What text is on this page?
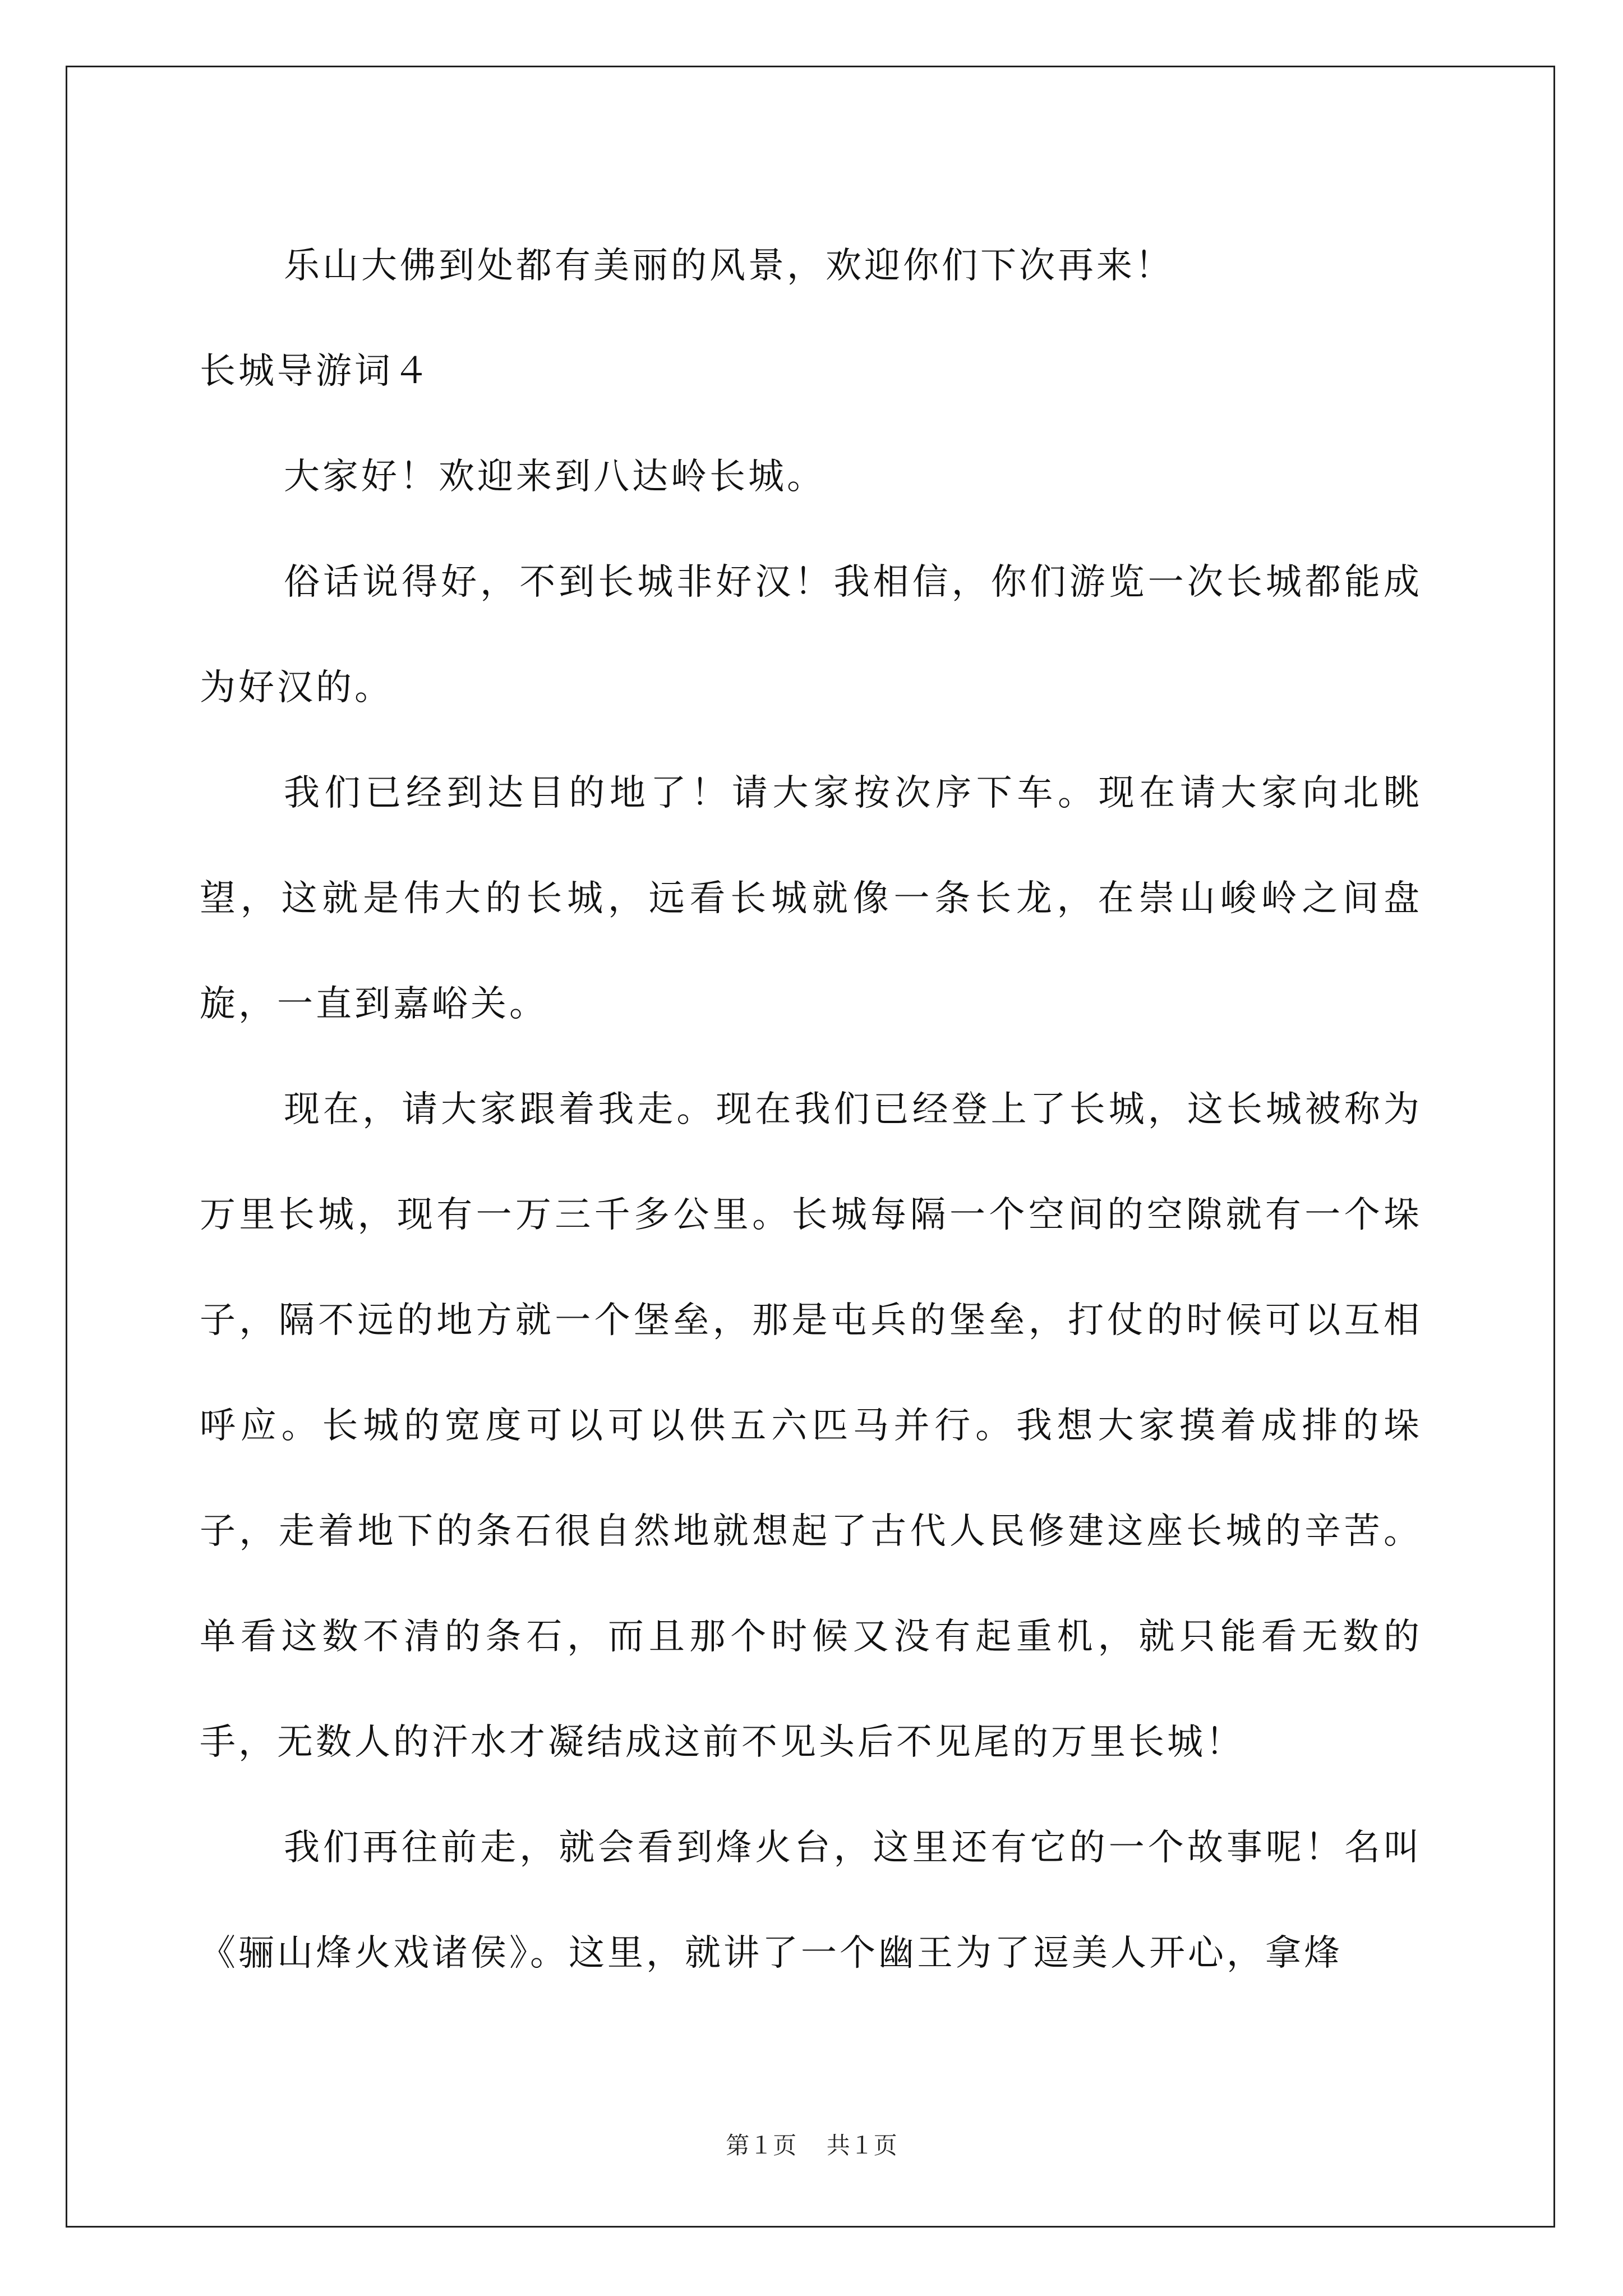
乐山大佛到处都有美丽的风景，欢迎你们下次再来！

长城导游词４

大家好！欢迎来到八达岭长城。

俗话说得好，不到长城非好汉！我相信，你们游览一次长城都能成为好汉的。

我们已经到达目的地了！请大家按次序下车。现在请大家向北眺望，这就是伟大的长城，远看长城就像一条长龙，在崇山峻岭之间盘旋，一直到嘉峪关。

现在，请大家跟着我走。现在我们已经登上了长城，这长城被称为万里长城，现有一万三千多公里。长城每隔一个空间的空隙就有一个垛子，隔不远的地方就一个堡垒，那是屯兵的堡垒，打仗的时候可以互相呼应。长城的宽度可以可以供五六匹马并行。我想大家摸着成排的垛子，走着地下的条石很自然地就想起了古代人民修建这座长城的辛苦。单看这数不清的条石，而且那个时候又没有起重机，就只能看无数的手，无数人的汗水才凝结成这前不见头后不见尾的万里长城！

我们再往前走，就会看到烽火台，这里还有它的一个故事呢！名叫《骊山烽火戏诸侯》。这里，就讲了一个幽王为了逗美人开心，拿烽

第１页 共１页
